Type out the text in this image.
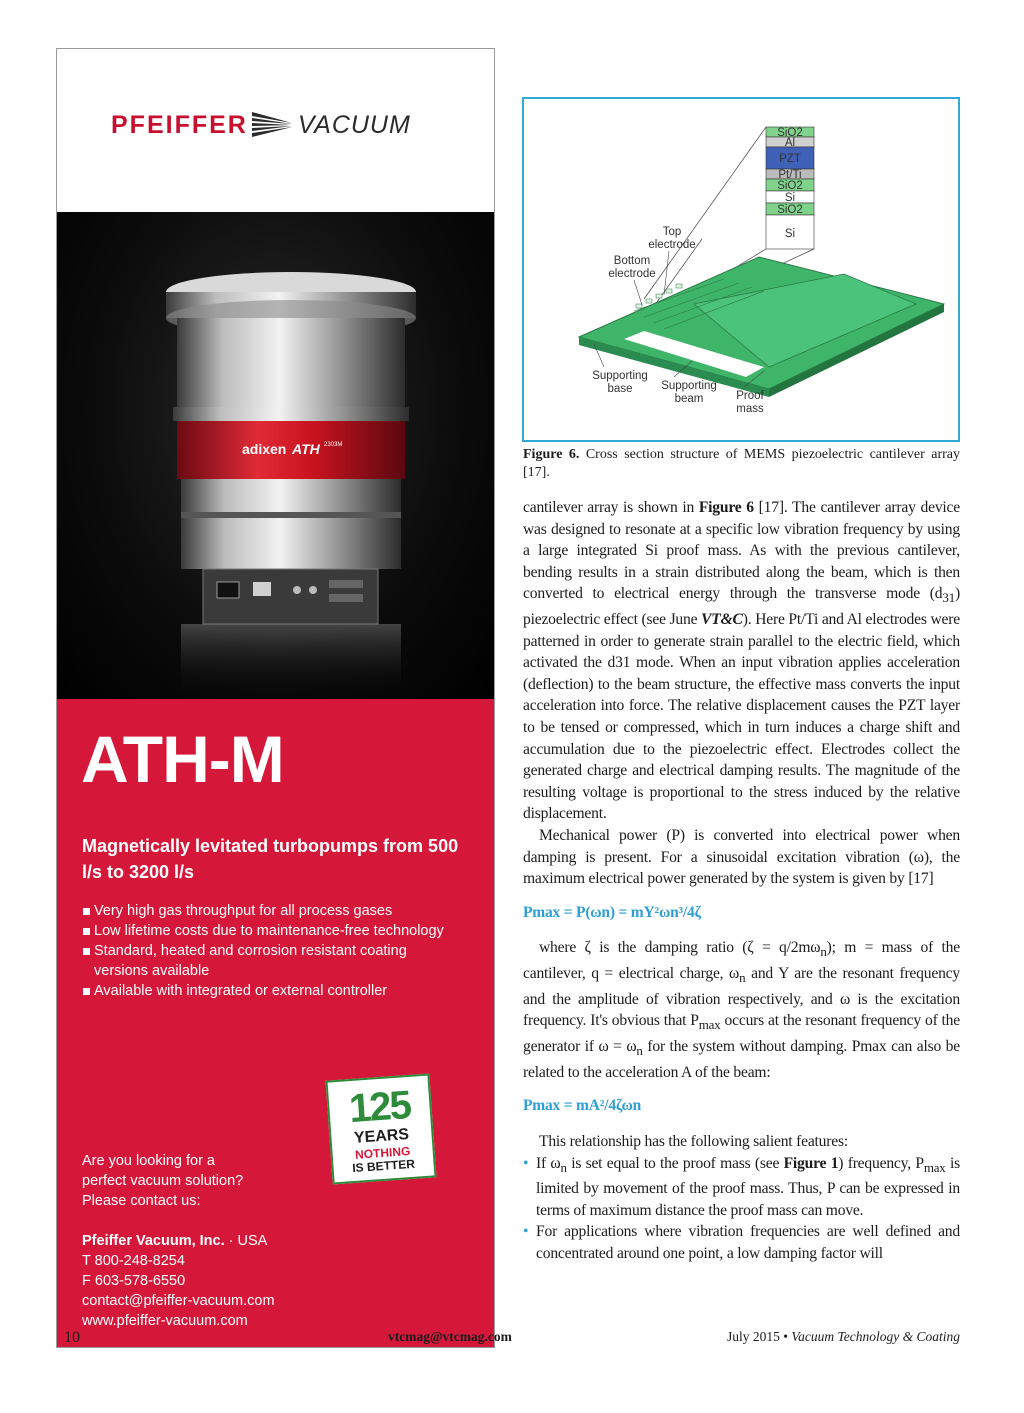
PFEIFFER VACUUM
adixen ATH 2303M
ATH-M
Magnetically levitated turbopumps from 500 l/s to 3200 l/s
Very high gas throughput for all process gases
Low lifetime costs due to maintenance-free technology
Standard, heated and corrosion resistant coating versions available
Available with integrated or external controller
125
YEARS
NOTHING
IS BETTER
Are you looking for a
perfect vacuum solution?
Please contact us:
Pfeiffer Vacuum, Inc. · USA
T 800-248-8254
F 603-578-6550
contact@pfeiffer-vacuum.com
www.pfeiffer-vacuum.com
SiO2
Al
PZT
Pt/Ti
SiO2
Si
SiO2
Si
Top
electrode
Bottom
electrode
Supporting
base Supporting
beam	Proof
mass
Figure 6. Cross section structure of MEMS piezoelectric cantilever array [17].

cantilever array is shown in Figure 6 [17]. The cantilever array device was designed to resonate at a specific low vibration frequency by using a large integrated Si proof mass. As with the previous cantilever, bending results in a strain distributed along the beam, which is then converted to electrical energy through the transverse mode $(d_{31})$ piezoelectric effect (see June VT&C). Here Pt/Ti and Al electrodes were patterned in order to generate strain parallel to the electric field, which activated the d31 mode. When an input vibration applies acceleration (deflection) to the beam structure, the effective mass converts the input acceleration into force. The relative displacement causes the PZT layer to be tensed or compressed, which in turn induces a charge shift and accumulation due to the piezoelectric effect. Electrodes collect the generated charge and electrical damping results. The magnitude of the resulting voltage is proportional to the stress induced by the relative displacement.

Mechanical power (P) is converted into electrical power when damping is present. For a sinusoidal excitation vibration (ω), the maximum electrical power generated by the system is given by [17]

Pmax = P(ωn) = mY²ωn³/4ζ

where ζ is the damping ratio $(\zeta = q/2m\omega_n)$; m = mass of the cantilever, q = electrical charge, $\omega_n$ and Y are the resonant frequency and the amplitude of vibration respectively, and ω is the excitation frequency. It's obvious that $P_{max}$ occurs at the resonant frequency of the generator if $\omega = \omega_n$ for the system without damping. Pmax can also be related to the acceleration A of the beam:

Pmax = mA²/4ζωn

This relationship has the following salient features:

• If $\omega_n$ is set equal to the proof mass (see Figure 1) frequency, $P_{max}$ is limited by movement of the proof mass. Thus, P can be expressed in terms of maximum distance the proof mass can move.
• For applications where vibration frequencies are well defined and concentrated around one point, a low damping factor will
10	vtcmag@vtcmag.com	July 2015 • Vacuum Technology & Coating
